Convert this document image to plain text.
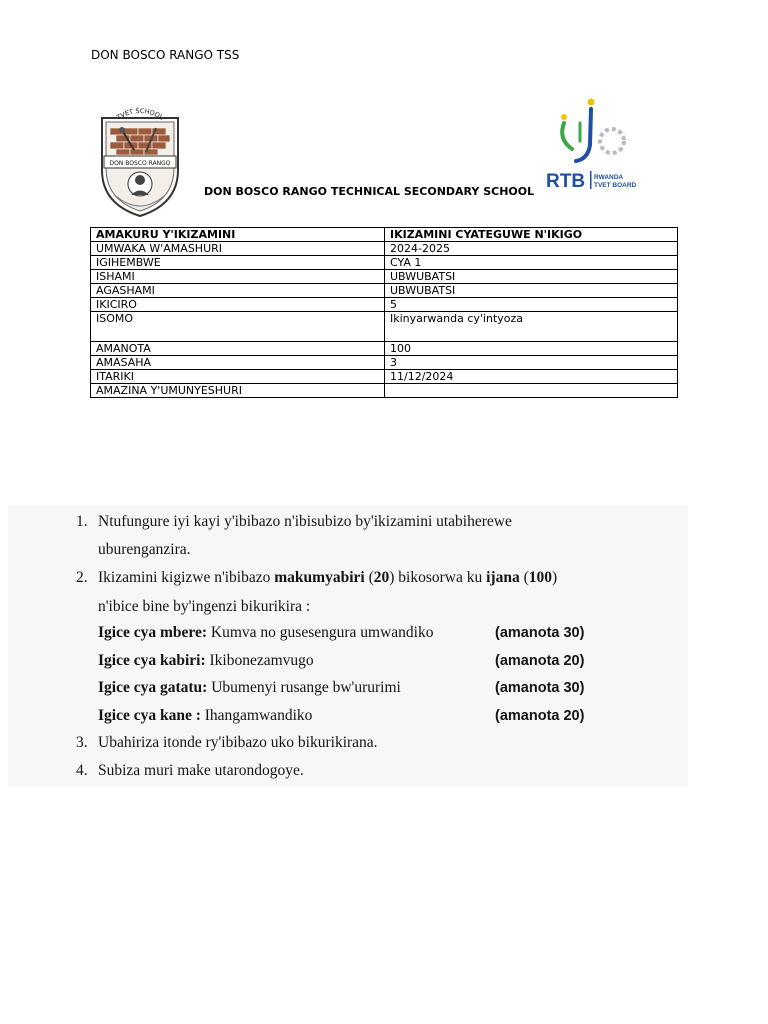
DON BOSCO RANGO TSS
TVET SCHOOL
DON BOSCO RANGO
RTB RWANDA
TVET BOARD
DON BOSCO RANGO TECHNICAL SECONDARY SCHOOL
AMAKURU Y'IKIZAMINI	IKIZAMINI CYATEGUWE N'IKIGO
UMWAKA W'AMASHURI	2024-2025
IGIHEMBWE	CYA 1
ISHAMI	UBWUBATSI
AGASHAMI	UBWUBATSI
IKICIRO	5
ISOMO	Ikinyarwanda cy'intyoza
AMANOTA	100
AMASAHA	3
ITARIKI	11/12/2024
AMAZINA Y'UMUNYESHURI	
1. Ntufungure iyi kayi y'ibibazo n'ibisubizo by'ikizamini utabiherewe
uburenganzira.
2. Ikizamini kigizwe n'ibibazo makumyabiri (20) bikosorwa ku ijana (100)
n'ibice bine by'ingenzi bikurikira :
Igice cya mbere: Kumva no gusesengura umwandiko	(amanota 30)
Igice cya kabiri: Ikibonezamvugo	(amanota 20)
Igice cya gatatu: Ubumenyi rusange bw'ururimi	(amanota 30)
Igice cya kane : Ihangamwandiko	(amanota 20)
3. Ubahiriza itonde ry'ibibazo uko bikurikirana.
4. Subiza muri make utarondogoye.
